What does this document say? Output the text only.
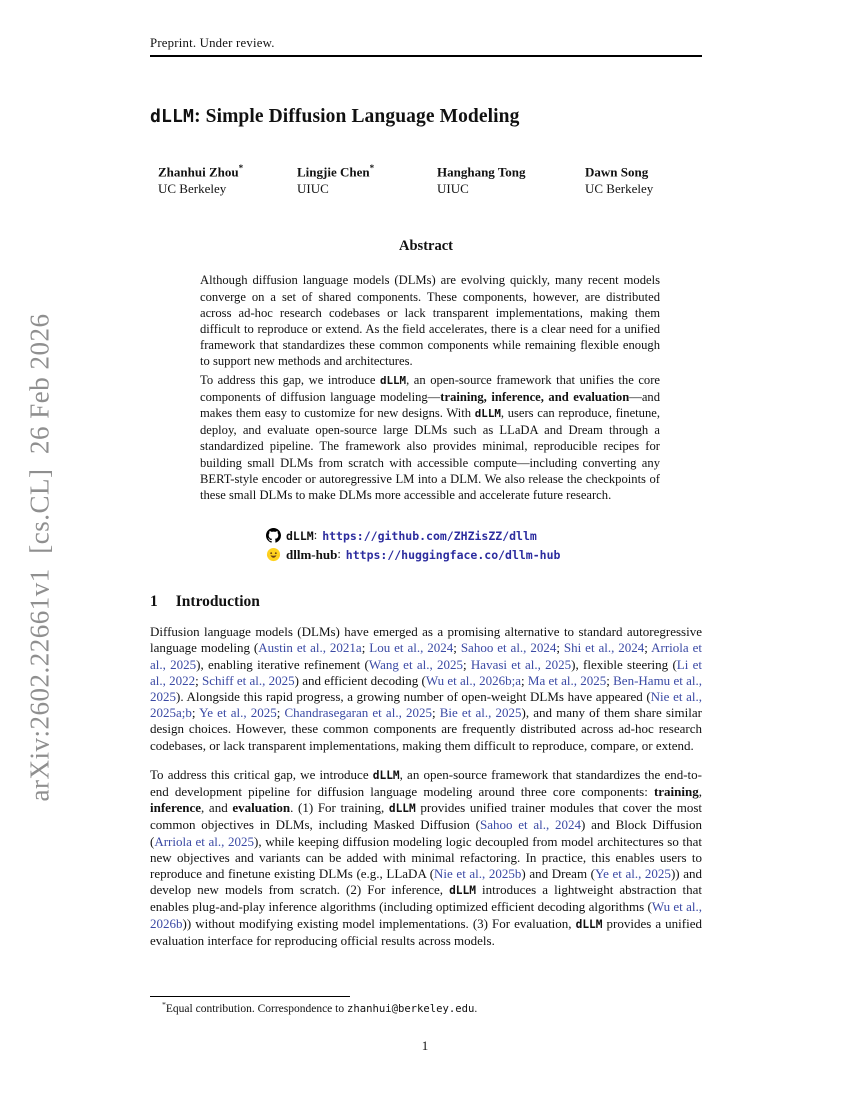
arXiv:2602.22661v1  [cs.CL]  26 Feb 2026
Preprint. Under review.
dLLM: Simple Diffusion Language Modeling
Zhanhui Zhou*
UC Berkeley
Lingjie Chen*
UIUC
Hanghang Tong
UIUC
Dawn Song
UC Berkeley
Abstract
Although diffusion language models (DLMs) are evolving quickly, many recent models converge on a set of shared components. These components, however, are distributed across ad-hoc research codebases or lack transparent implementations, making them difficult to reproduce or extend. As the field accelerates, there is a clear need for a unified framework that standardizes these common components while remaining flexible enough to support new methods and architectures.
To address this gap, we introduce dLLM, an open-source framework that unifies the core components of diffusion language modeling—training, inference, and evaluation—and makes them easy to customize for new designs. With dLLM, users can reproduce, finetune, deploy, and evaluate open-source large DLMs such as LLaDA and Dream through a standardized pipeline. The framework also provides minimal, reproducible recipes for building small DLMs from scratch with accessible compute—including converting any BERT-style encoder or autoregressive LM into a DLM. We also release the checkpoints of these small DLMs to make DLMs more accessible and accelerate future research.
dLLM : https://github.com/ZHZisZZ/dllm
dllm-hub : https://huggingface.co/dllm-hub
1 Introduction
Diffusion language models (DLMs) have emerged as a promising alternative to standard autoregressive language modeling (Austin et al., 2021a; Lou et al., 2024; Sahoo et al., 2024; Shi et al., 2024; Arriola et al., 2025), enabling iterative refinement (Wang et al., 2025; Havasi et al., 2025), flexible steering (Li et al., 2022; Schiff et al., 2025) and efficient decoding (Wu et al., 2026b;a; Ma et al., 2025; Ben-Hamu et al., 2025). Alongside this rapid progress, a growing number of open-weight DLMs have appeared (Nie et al., 2025a;b; Ye et al., 2025; Chandrasegaran et al., 2025; Bie et al., 2025), and many of them share similar design choices. However, these common components are frequently distributed across ad-hoc research codebases, or lack transparent implementations, making them difficult to reproduce, compare, or extend.
To address this critical gap, we introduce dLLM, an open-source framework that standardizes the end-to-end development pipeline for diffusion language modeling around three core components: training, inference, and evaluation. (1) For training, dLLM provides unified trainer modules that cover the most common objectives in DLMs, including Masked Diffusion (Sahoo et al., 2024) and Block Diffusion (Arriola et al., 2025), while keeping diffusion modeling logic decoupled from model architectures so that new objectives and variants can be added with minimal refactoring. In practice, this enables users to reproduce and finetune existing DLMs (e.g., LLaDA (Nie et al., 2025b) and Dream (Ye et al., 2025)) and develop new models from scratch. (2) For inference, dLLM introduces a lightweight abstraction that enables plug-and-play inference algorithms (including optimized efficient decoding algorithms (Wu et al., 2026b)) without modifying existing model implementations. (3) For evaluation, dLLM provides a unified evaluation interface for reproducing official results across models.
*Equal contribution. Correspondence to zhanhui@berkeley.edu.
1
